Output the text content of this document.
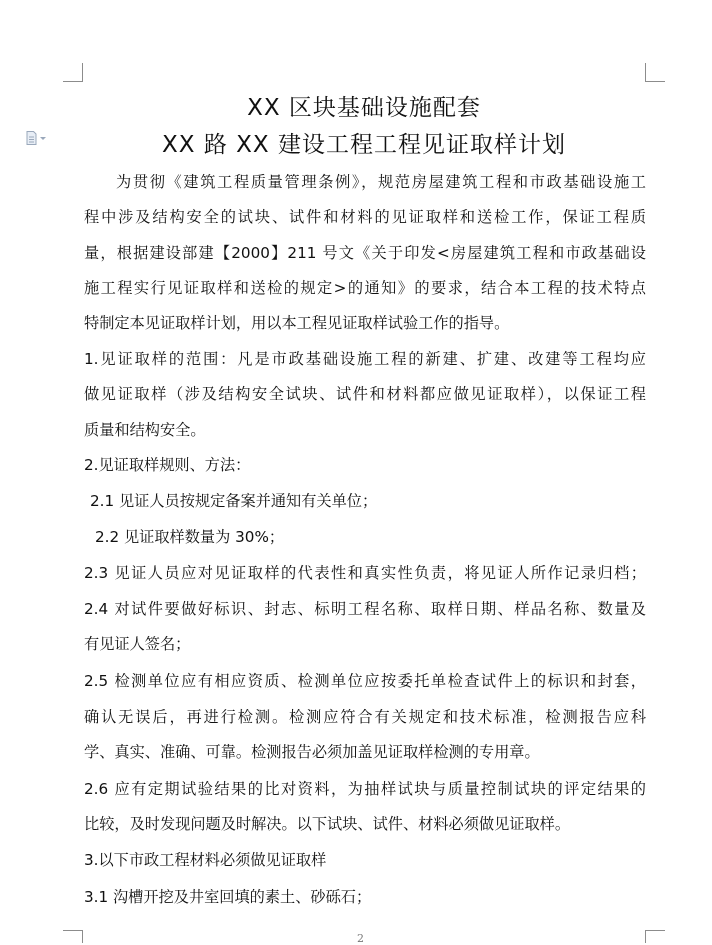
XX 区块基础设施配套
XX 路 XX 建设工程工程见证取样计划
为贯彻《建筑工程质量管理条例》，规范房屋建筑工程和市政基础设施工
程中涉及结构安全的试块、试件和材料的见证取样和送检工作，保证工程质
量，根据建设部建【2000】211 号文《关于印发<房屋建筑工程和市政基础设
施工程实行见证取样和送检的规定>的通知》的要求，结合本工程的技术特点
特制定本见证取样计划，用以本工程见证取样试验工作的指导。
1.见证取样的范围：凡是市政基础设施工程的新建、扩建、改建等工程均应
做见证取样（涉及结构安全试块、试件和材料都应做见证取样），以保证工程
质量和结构安全。
2.见证取样规则、方法：
2.1 见证人员按规定备案并通知有关单位；
2.2 见证取样数量为 30%；
2.3 见证人员应对见证取样的代表性和真实性负责，将见证人所作记录归档；
2.4 对试件要做好标识、封志、标明工程名称、取样日期、样品名称、数量及
有见证人签名；
2.5 检测单位应有相应资质、检测单位应按委托单检查试件上的标识和封套，
确认无误后，再进行检测。检测应符合有关规定和技术标准，检测报告应科
学、真实、准确、可靠。检测报告必须加盖见证取样检测的专用章。
2.6 应有定期试验结果的比对资料，为抽样试块与质量控制试块的评定结果的
比较，及时发现问题及时解决。以下试块、试件、材料必须做见证取样。
3.以下市政工程材料必须做见证取样
3.1 沟槽开挖及井室回填的素土、砂砾石；
2
